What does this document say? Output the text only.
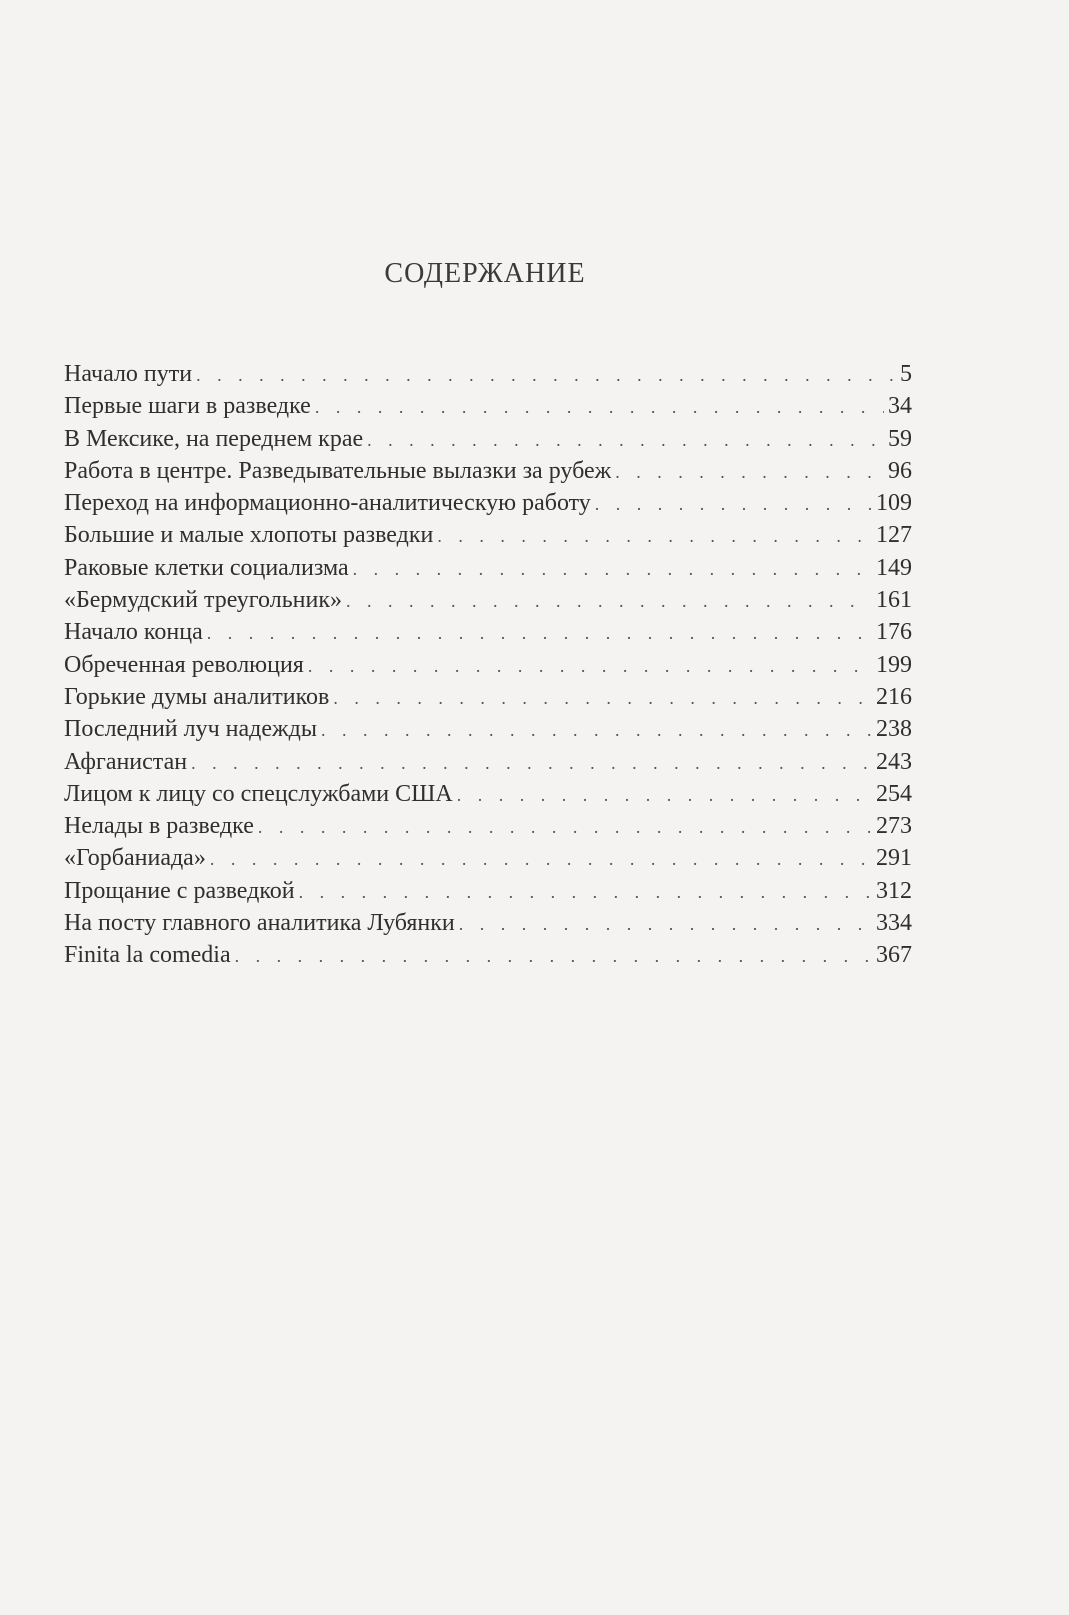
СОДЕРЖАНИЕ
Начало пути . . .	5
Первые шаги в разведке . . .	34
В Мексике, на переднем крае . . .	59
Работа в центре. Разведывательные вылазки за рубеж . . .	96
Переход на информационно-аналитическую работу . . .	109
Большие и малые хлопоты разведки . . .	127
Раковые клетки социализма . . .	149
«Бермудский треугольник» . . .	161
Начало конца . . .	176
Обреченная революция . . .	199
Горькие думы аналитиков . . .	216
Последний луч надежды . . .	238
Афганистан . . .	243
Лицом к лицу со спецслужбами США . . .	254
Нелады в разведке . . .	273
«Горбаниада» . . .	291
Прощание с разведкой . . .	312
На посту главного аналитика Лубянки . . .	334
Finita la comedia . . .	367
